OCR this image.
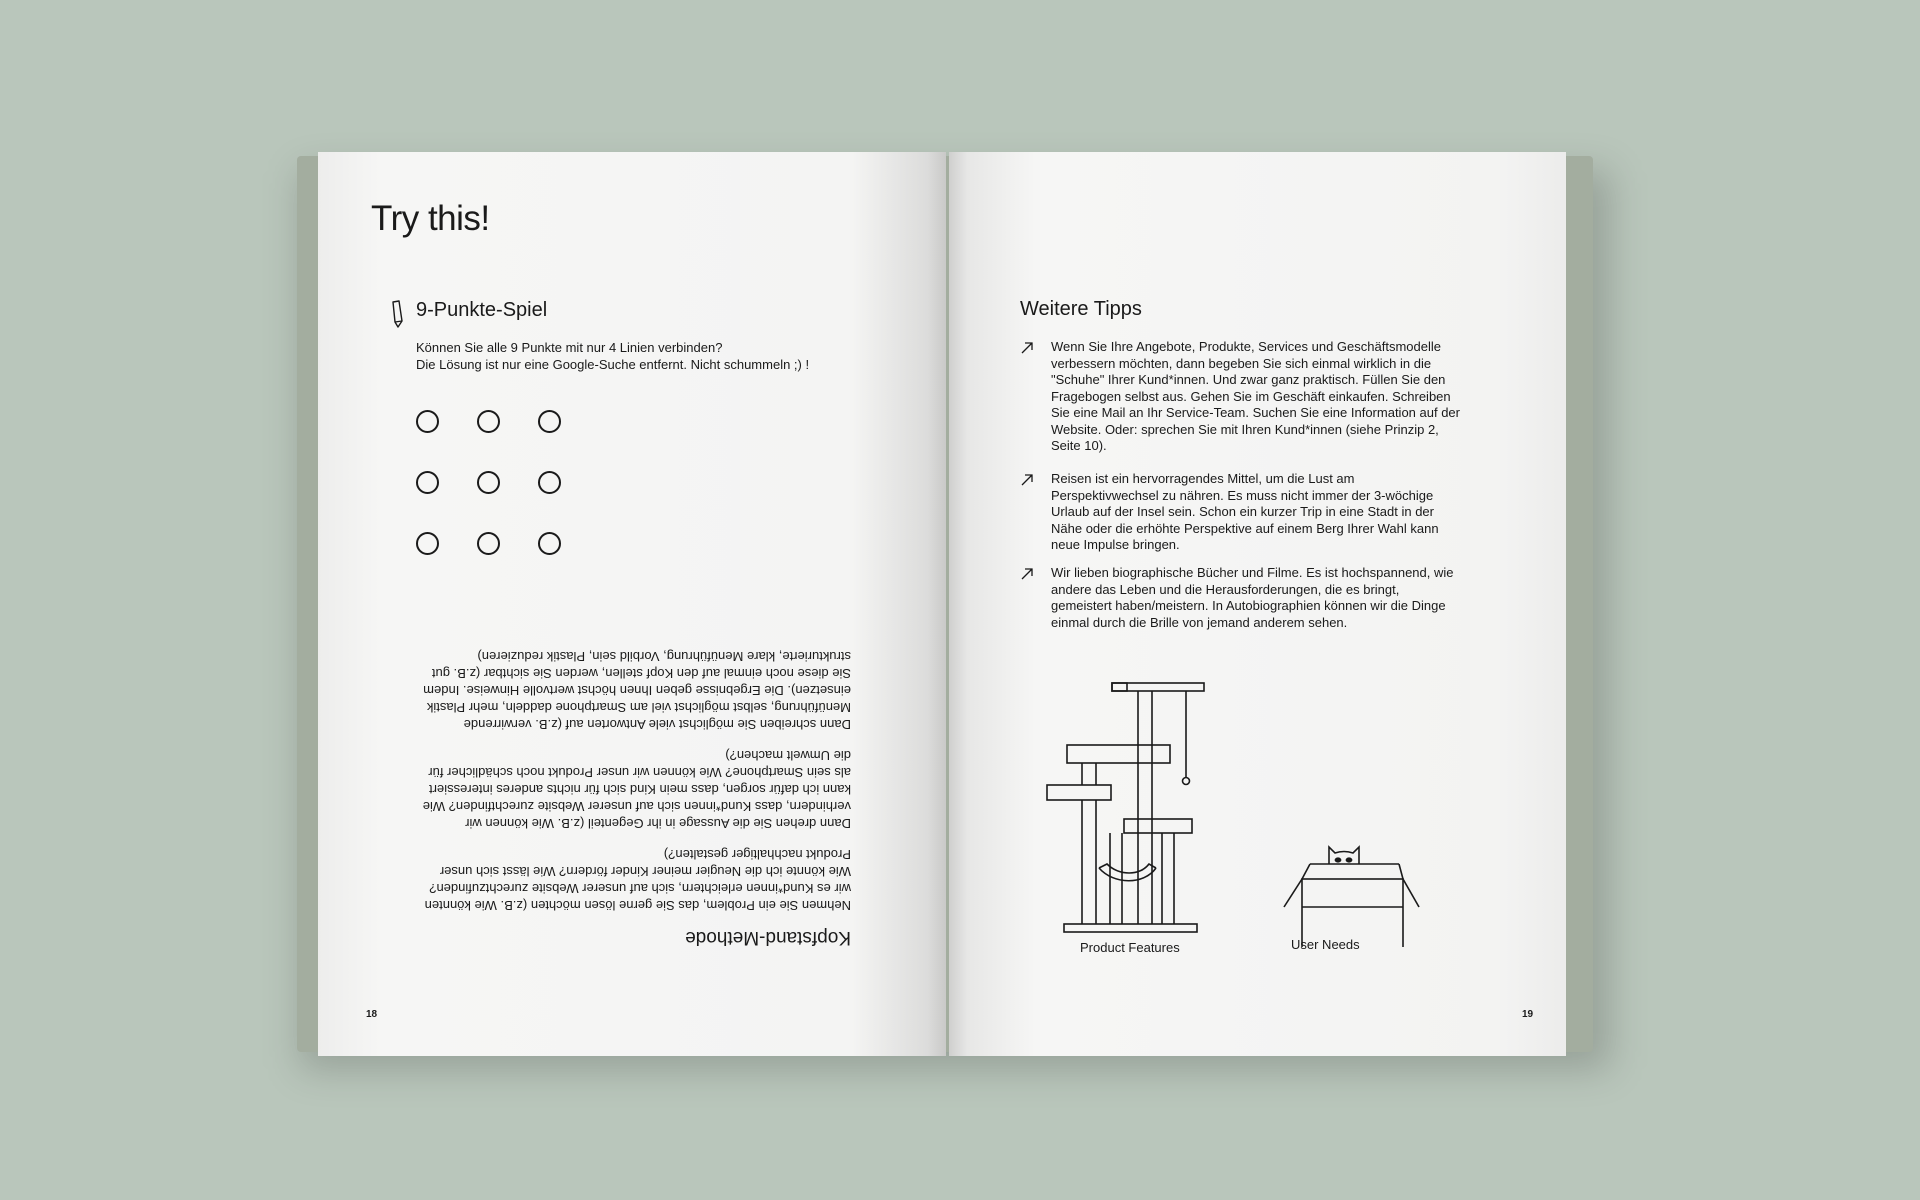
Try this!
9-Punkte-Spiel
Können Sie alle 9 Punkte mit nur 4 Linien verbinden?
Die Lösung ist nur eine Google-Suche entfernt. Nicht schummeln ;) !
Kopfstand-Methode

Nehmen Sie ein Problem, das Sie gerne lösen möchten (z.B. Wie könnten wir es Kund*innen erleichtern, sich auf unserer Website zurechtzufinden? Wie könnte ich die Neugier meiner Kinder fördern? Wie lässt sich unser Produkt nachhaltiger gestalten?)

Dann drehen Sie die Aussage in ihr Gegenteil (z.B. Wie können wir verhindern, dass Kund*innen sich auf unserer Website zurechtfinden? Wie kann ich dafür sorgen, dass mein Kind sich für nichts anderes interessiert als sein Smartphone? Wie können wir unser Produkt noch schädlicher für die Umwelt machen?)

Dann schreiben Sie möglichst viele Antworten auf (z.B. verwirrende Menüführung, selbst möglichst viel am Smartphone daddeln, mehr Plastik einsetzen). Die Ergebnisse geben Ihnen höchst wertvolle Hinweise. Indem Sie diese noch einmal auf den Kopf stellen, werden Sie sichtbar (z.B. gut strukturierte, klare Menüführung, Vorbild sein, Plastik reduzieren)

18
Weitere Tipps
Wenn Sie Ihre Angebote, Produkte, Services und Geschäftsmodelle verbessern möchten, dann begeben Sie sich einmal wirklich in die "Schuhe" Ihrer Kund*innen. Und zwar ganz praktisch. Füllen Sie den Fragebogen selbst aus. Gehen Sie im Geschäft einkaufen. Schreiben Sie eine Mail an Ihr Service-Team. Suchen Sie eine Information auf der Website. Oder: sprechen Sie mit Ihren Kund*innen (siehe Prinzip 2, Seite 10).
Reisen ist ein hervorragendes Mittel, um die Lust am Perspektivwechsel zu nähren. Es muss nicht immer der 3-wöchige Urlaub auf der Insel sein. Schon ein kurzer Trip in eine Stadt in der Nähe oder die erhöhte Perspektive auf einem Berg Ihrer Wahl kann neue Impulse bringen.
Wir lieben biographische Bücher und Filme. Es ist hochspannend, wie andere das Leben und die Herausforderungen, die es bringt, gemeistert haben/meistern. In Autobiographien können wir die Dinge einmal durch die Brille von jemand anderem sehen.
Product Features	User Needs
19
